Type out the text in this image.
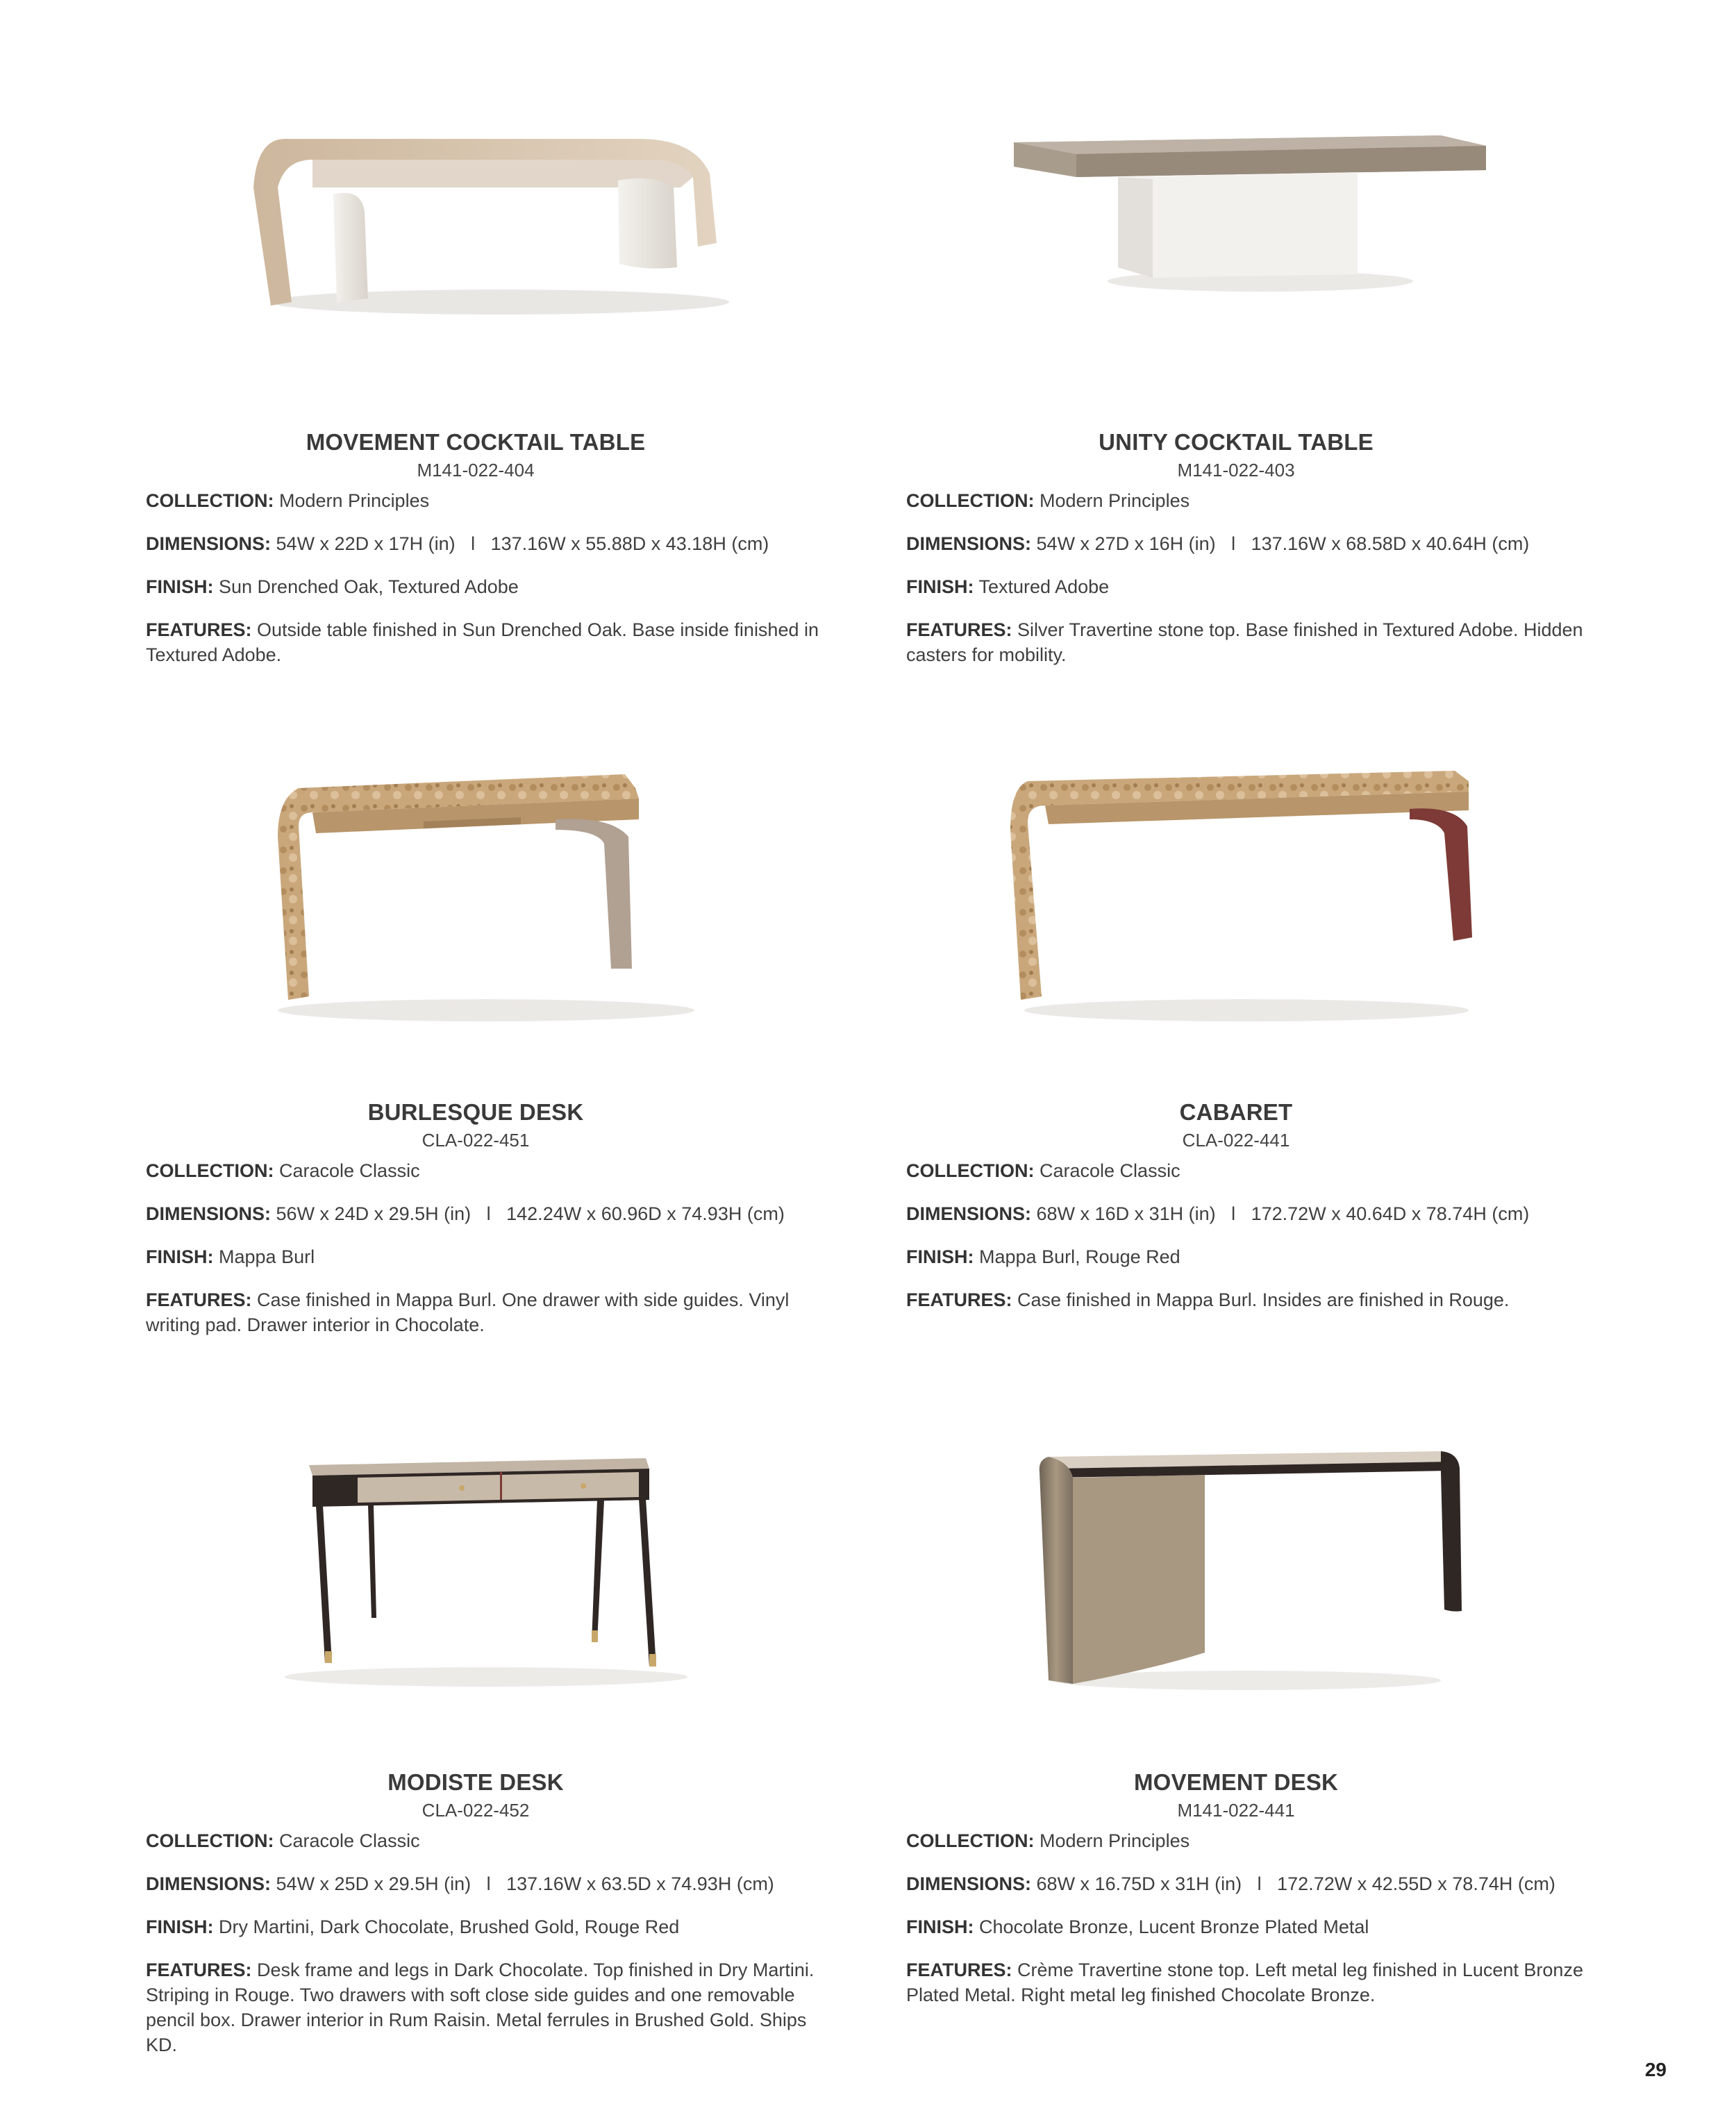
MOVEMENT COCKTAIL TABLE
M141-022-404
COLLECTION: Modern Principles
DIMENSIONS: 54W x 22D x 17H (in)   l   137.16W x 55.88D x 43.18H (cm)
FINISH: Sun Drenched Oak, Textured Adobe
FEATURES: Outside table finished in Sun Drenched Oak. Base inside finished in Textured Adobe.
UNITY COCKTAIL TABLE
M141-022-403
COLLECTION: Modern Principles
DIMENSIONS: 54W x 27D x 16H (in)   l   137.16W x 68.58D x 40.64H (cm)
FINISH: Textured Adobe
FEATURES: Silver Travertine stone top. Base finished in Textured Adobe. Hidden casters for mobility.
BURLESQUE DESK
CLA-022-451
COLLECTION: Caracole Classic
DIMENSIONS: 56W x 24D x 29.5H (in)   l   142.24W x 60.96D x 74.93H (cm)
FINISH: Mappa Burl
FEATURES: Case finished in Mappa Burl. One drawer with side guides. Vinyl writing pad. Drawer interior in Chocolate.
CABARET
CLA-022-441
COLLECTION: Caracole Classic
DIMENSIONS: 68W x 16D x 31H (in)   l   172.72W x 40.64D x 78.74H (cm)
FINISH: Mappa Burl, Rouge Red
FEATURES: Case finished in Mappa Burl. Insides are finished in Rouge.
MODISTE DESK
CLA-022-452
COLLECTION: Caracole Classic
DIMENSIONS: 54W x 25D x 29.5H (in)   l   137.16W x 63.5D x 74.93H (cm)
FINISH: Dry Martini, Dark Chocolate, Brushed Gold, Rouge Red
FEATURES: Desk frame and legs in Dark Chocolate. Top finished in Dry Martini. Striping in Rouge. Two drawers with soft close side guides and one removable pencil box. Drawer interior in Rum Raisin. Metal ferrules in Brushed Gold. Ships KD.
MOVEMENT DESK
M141-022-441
COLLECTION: Modern Principles
DIMENSIONS: 68W x 16.75D x 31H (in)   l   172.72W x 42.55D x 78.74H (cm)
FINISH: Chocolate Bronze, Lucent Bronze Plated Metal
FEATURES: Crème Travertine stone top. Left metal leg finished in Lucent Bronze Plated Metal. Right metal leg finished Chocolate Bronze.
29
